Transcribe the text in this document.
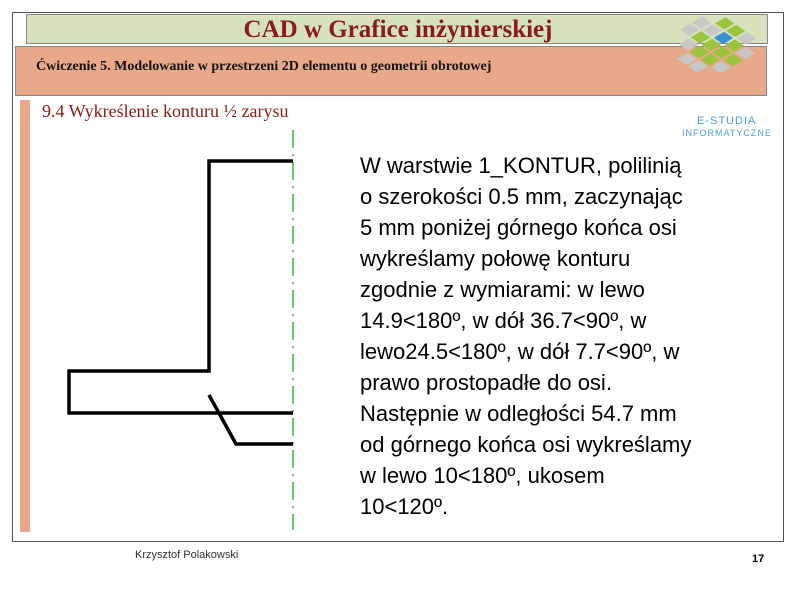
Ćwiczenie 5. Modelowanie w przestrzeni 2D elementu o geometrii obrotowej
CAD w Grafice inżynierskiej
9.4 Wykreślenie konturu ½ zarysu
W warstwie 1_KONTUR, polilinią
o szerokości 0.5 mm, zaczynając
5 mm poniżej górnego końca osi
wykreślamy połowę konturu
zgodnie z wymiarami: w lewo
14.9<180º, w dół 36.7<90º, w
lewo24.5<180º, w dół 7.7<90º, w
prawo prostopadłe do osi.
Następnie w odległości 54.7 mm
od górnego końca osi wykreślamy
w lewo 10<180º, ukosem
10<120º.
E-STUDIA
INFORMATYCZNE
Krzysztof Polakowski	17
